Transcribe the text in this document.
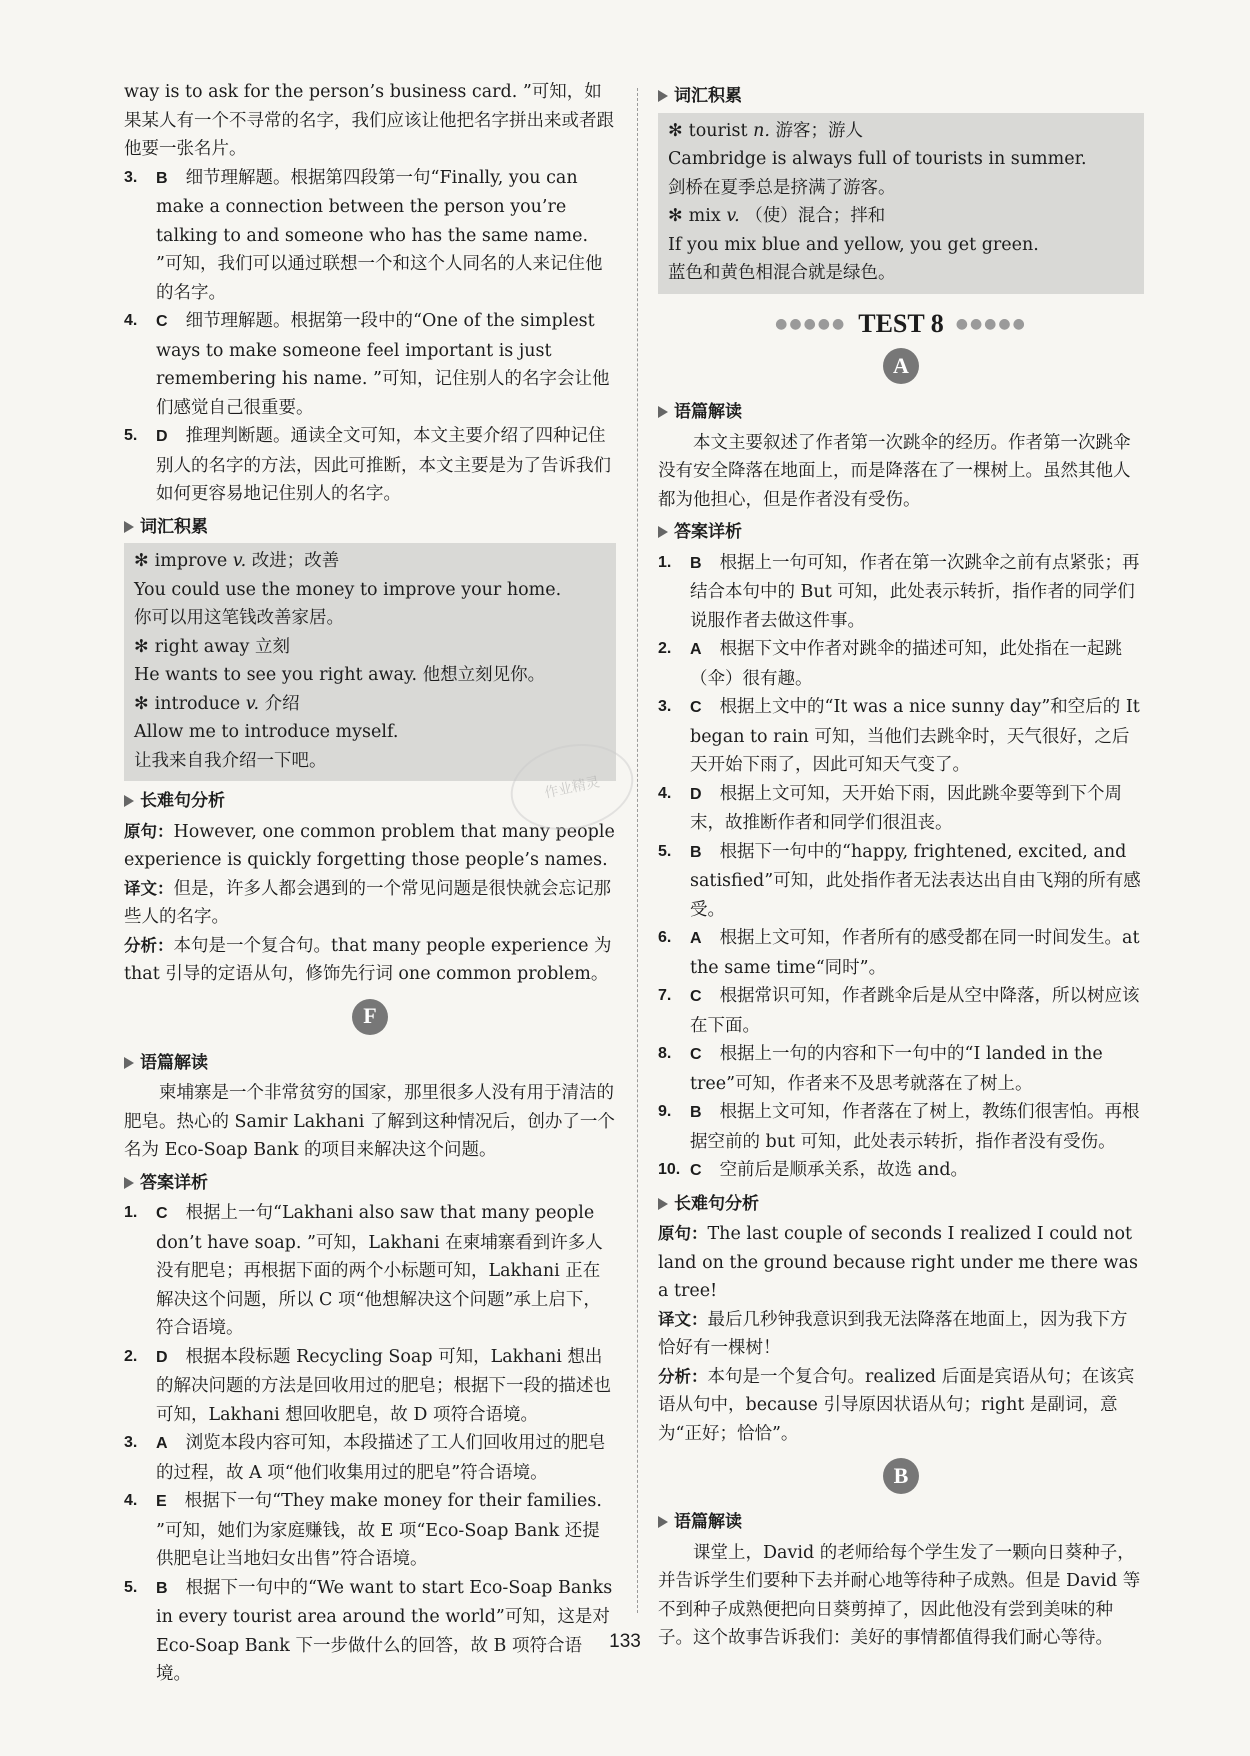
way is to ask for the person’s business card. ”可知，如果某人有一个不寻常的名字，我们应该让他把名字拼出来或者跟他要一张名片。

3.	B 细节理解题。根据第四段第一句“Finally, you can make a connection between the person you’re talking to and someone who has the same name. ”可知，我们可以通过联想一个和这个人同名的人来记住他的名字。
4.	C 细节理解题。根据第一段中的“One of the simplest ways to make someone feel important is just remembering his name. ”可知，记住别人的名字会让他们感觉自己很重要。
5.	D 推理判断题。通读全文可知，本文主要介绍了四种记住别人的名字的方法，因此可推断，本文主要是为了告诉我们如何更容易地记住别人的名字。
词汇积累
✻ improve v. 改进；改善
You could use the money to improve your home.
你可以用这笔钱改善家居。
✻ right away 立刻
He wants to see you right away. 他想立刻见你。
✻ introduce v. 介绍
Allow me to introduce myself.
让我来自我介绍一下吧。
长难句分析

原句：However, one common problem that many people experience is quickly forgetting those people’s names.

译文：但是，许多人都会遇到的一个常见问题是很快就会忘记那些人的名字。

分析：本句是一个复合句。that many people experience 为 that 引导的定语从句，修饰先行词 one common problem。

F
语篇解读

柬埔寨是一个非常贫穷的国家，那里很多人没有用于清洁的肥皂。热心的 Samir Lakhani 了解到这种情况后，创办了一个名为 Eco-Soap Bank 的项目来解决这个问题。

答案详析
1.	C 根据上一句“Lakhani also saw that many people don’t have soap. ”可知，Lakhani 在柬埔寨看到许多人没有肥皂；再根据下面的两个小标题可知，Lakhani 正在解决这个问题，所以 C 项“他想解决这个问题”承上启下，符合语境。
2.	D 根据本段标题 Recycling Soap 可知，Lakhani 想出的解决问题的方法是回收用过的肥皂；根据下一段的描述也可知，Lakhani 想回收肥皂，故 D 项符合语境。
3.	A 浏览本段内容可知，本段描述了工人们回收用过的肥皂的过程，故 A 项“他们收集用过的肥皂”符合语境。
4.	E 根据下一句“They make money for their families. ”可知，她们为家庭赚钱，故 E 项“Eco-Soap Bank 还提供肥皂让当地妇女出售”符合语境。
5.	B 根据下一句中的“We want to start Eco-Soap Banks in every tourist area around the world”可知，这是对 Eco-Soap Bank 下一步做什么的回答，故 B 项符合语境。
作业精灵
词汇积累
✻ tourist n. 游客；游人
Cambridge is always full of tourists in summer.
剑桥在夏季总是挤满了游客。
✻ mix v. （使）混合；拌和
If you mix blue and yellow, you get green.
蓝色和黄色相混合就是绿色。
●●●●● TEST 8 ●●●●●
A
语篇解读

本文主要叙述了作者第一次跳伞的经历。作者第一次跳伞没有安全降落在地面上，而是降落在了一棵树上。虽然其他人都为他担心，但是作者没有受伤。

答案详析
1.	B 根据上一句可知，作者在第一次跳伞之前有点紧张；再结合本句中的 But 可知，此处表示转折，指作者的同学们说服作者去做这件事。
2.	A 根据下文中作者对跳伞的描述可知，此处指在一起跳（伞）很有趣。
3.	C 根据上文中的“It was a nice sunny day”和空后的 It began to rain 可知，当他们去跳伞时，天气很好，之后天开始下雨了，因此可知天气变了。
4.	D 根据上文可知，天开始下雨，因此跳伞要等到下个周末，故推断作者和同学们很沮丧。
5.	B 根据下一句中的“happy, frightened, excited, and satisfied”可知，此处指作者无法表达出自由飞翔的所有感受。
6.	A 根据上文可知，作者所有的感受都在同一时间发生。at the same time“同时”。
7.	C 根据常识可知，作者跳伞后是从空中降落，所以树应该在下面。
8.	C 根据上一句的内容和下一句中的“I landed in the tree”可知，作者来不及思考就落在了树上。
9.	B 根据上文可知，作者落在了树上，教练们很害怕。再根据空前的 but 可知，此处表示转折，指作者没有受伤。
10. C 空前后是顺承关系，故选 and。
长难句分析

原句：The last couple of seconds I realized I could not land on the ground because right under me there was a tree!

译文：最后几秒钟我意识到我无法降落在地面上，因为我下方恰好有一棵树！

分析：本句是一个复合句。realized 后面是宾语从句；在该宾语从句中，because 引导原因状语从句；right 是副词，意为“正好；恰恰”。

B
语篇解读

课堂上，David 的老师给每个学生发了一颗向日葵种子，并告诉学生们要种下去并耐心地等待种子成熟。但是 David 等不到种子成熟便把向日葵剪掉了，因此他没有尝到美味的种子。这个故事告诉我们：美好的事情都值得我们耐心等待。

133
